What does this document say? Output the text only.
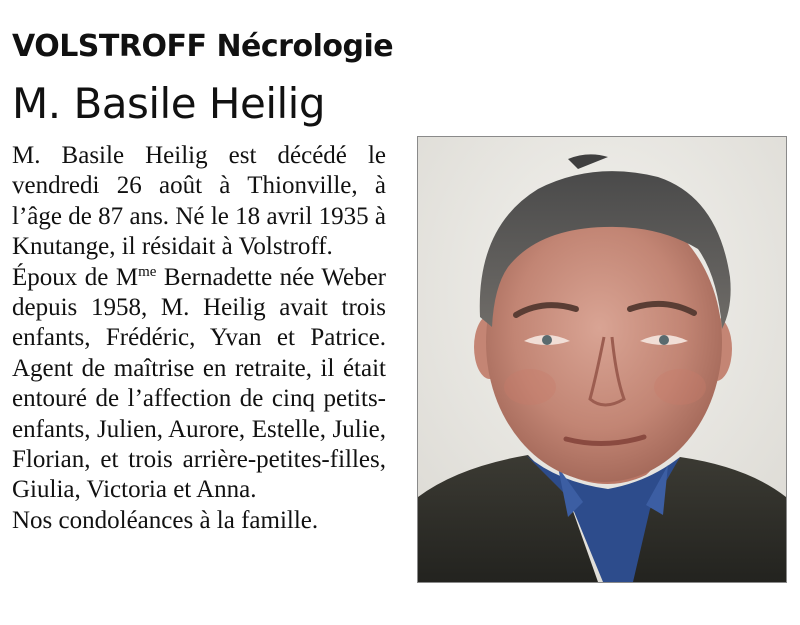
VOLSTROFF Nécrologie
M. Basile Heilig

M. Basile Heilig est décédé le vendredi 26 août à Thionville, à l’âge de 87 ans. Né le 18 avril 1935 à Knutange, il résidait à Volstroff.

Époux de $M^{me}$ Bernadette née Weber depuis 1958, M. Heilig avait trois enfants, Frédéric, Yvan et Patrice. Agent de maîtrise en retraite, il était entouré de l’affection de cinq petits-enfants, Julien, Aurore, Estelle, Julie, Florian, et trois arrière-petites-filles, Giulia, Victoria et Anna.

Nos condoléances à la famille.
